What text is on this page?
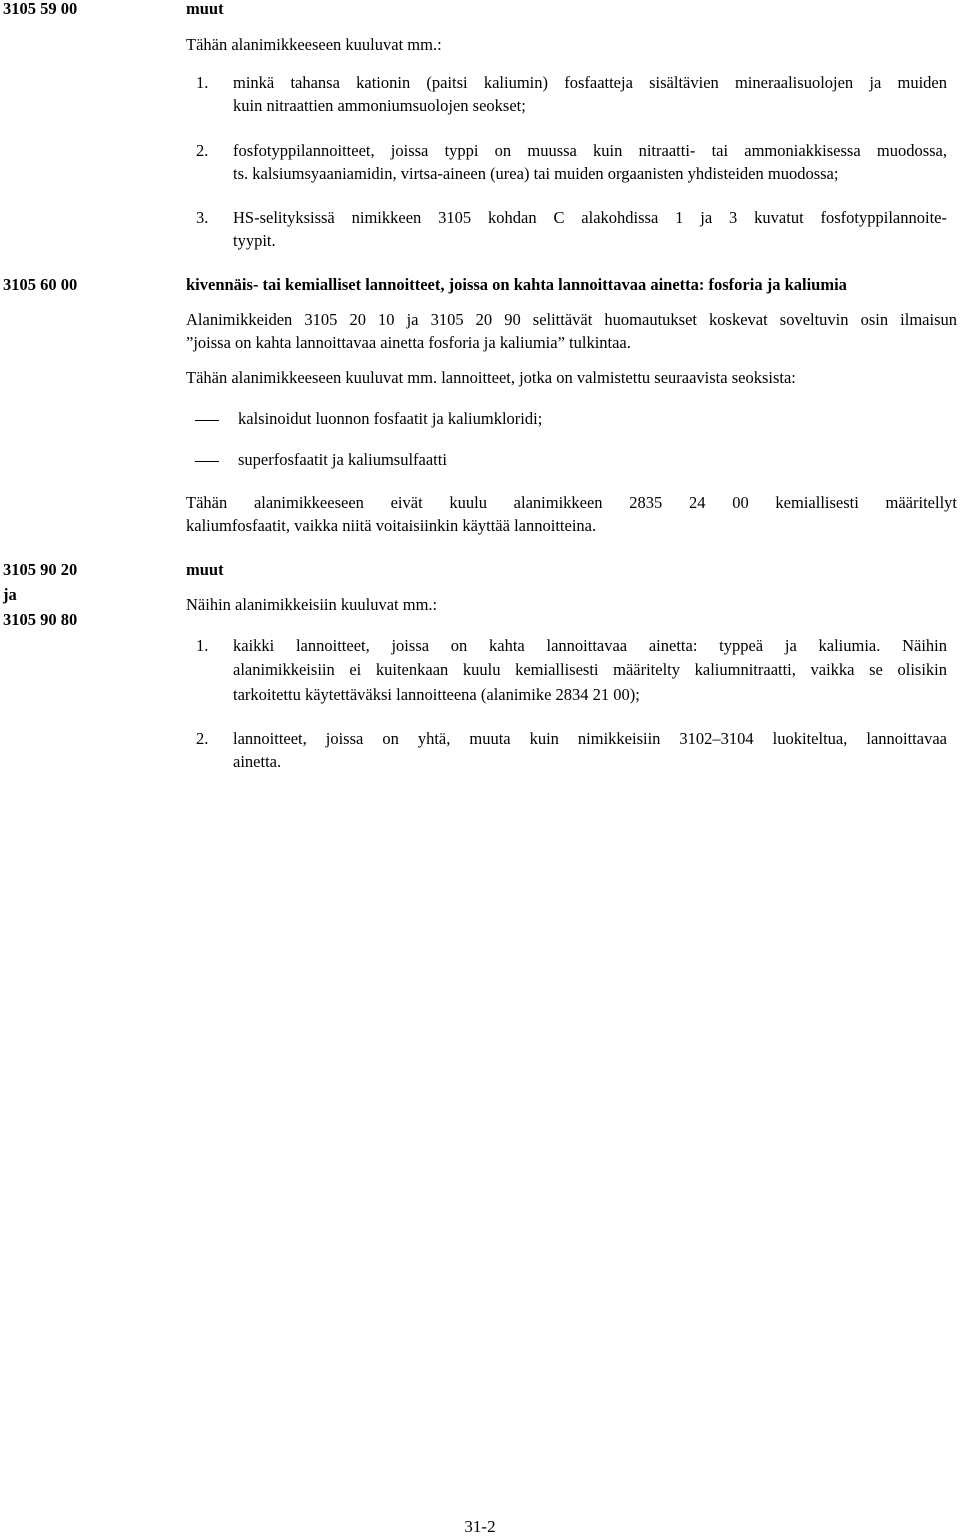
3105 59 00	muut
Tähän alanimikkeeseen kuuluvat mm.:
1. minkä tahansa kationin (paitsi kaliumin) fosfaatteja sisältävien mineraalisuolojen ja muiden
kuin nitraattien ammoniumsuolojen seokset;
2. fosfotyppilannoitteet, joissa typpi on muussa kuin nitraatti- tai ammoniakkisessa muodossa,
ts. kalsiumsyaaniamidin, virtsa-aineen (urea) tai muiden orgaanisten yhdisteiden muodossa;
3. HS-selityksissä nimikkeen 3105 kohdan C alakohdissa 1 ja 3 kuvatut fosfotyppilannoite-
tyypit.
3105 60 00	kivennäis- tai kemialliset lannoitteet, joissa on kahta lannoittavaa ainetta: fosforia ja kaliumia
Alanimikkeiden 3105 20 10 ja 3105 20 90 selittävät huomautukset koskevat soveltuvin osin ilmaisun
”joissa on kahta lannoittavaa ainetta fosforia ja kaliumia” tulkintaa.
Tähän alanimikkeeseen kuuluvat mm. lannoitteet, jotka on valmistettu seuraavista seoksista:
kalsinoidut luonnon fosfaatit ja kaliumkloridi;
superfosfaatit ja kaliumsulfaatti
Tähän alanimikkeeseen eivät kuulu alanimikkeen 2835 24 00 kemiallisesti määritellyt
kaliumfosfaatit, vaikka niitä voitaisiinkin käyttää lannoitteina.
3105 90 20
ja
3105 90 80
muut
Näihin alanimikkeisiin kuuluvat mm.:
1. kaikki lannoitteet, joissa on kahta lannoittavaa ainetta: typpeä ja kaliumia. Näihin
alanimikkeisiin ei kuitenkaan kuulu kemiallisesti määritelty kaliumnitraatti, vaikka se olisikin
tarkoitettu käytettäväksi lannoitteena (alanimike 2834 21 00);
2. lannoitteet, joissa on yhtä, muuta kuin nimikkeisiin 3102–3104 luokiteltua, lannoittavaa
ainetta.
31-2
